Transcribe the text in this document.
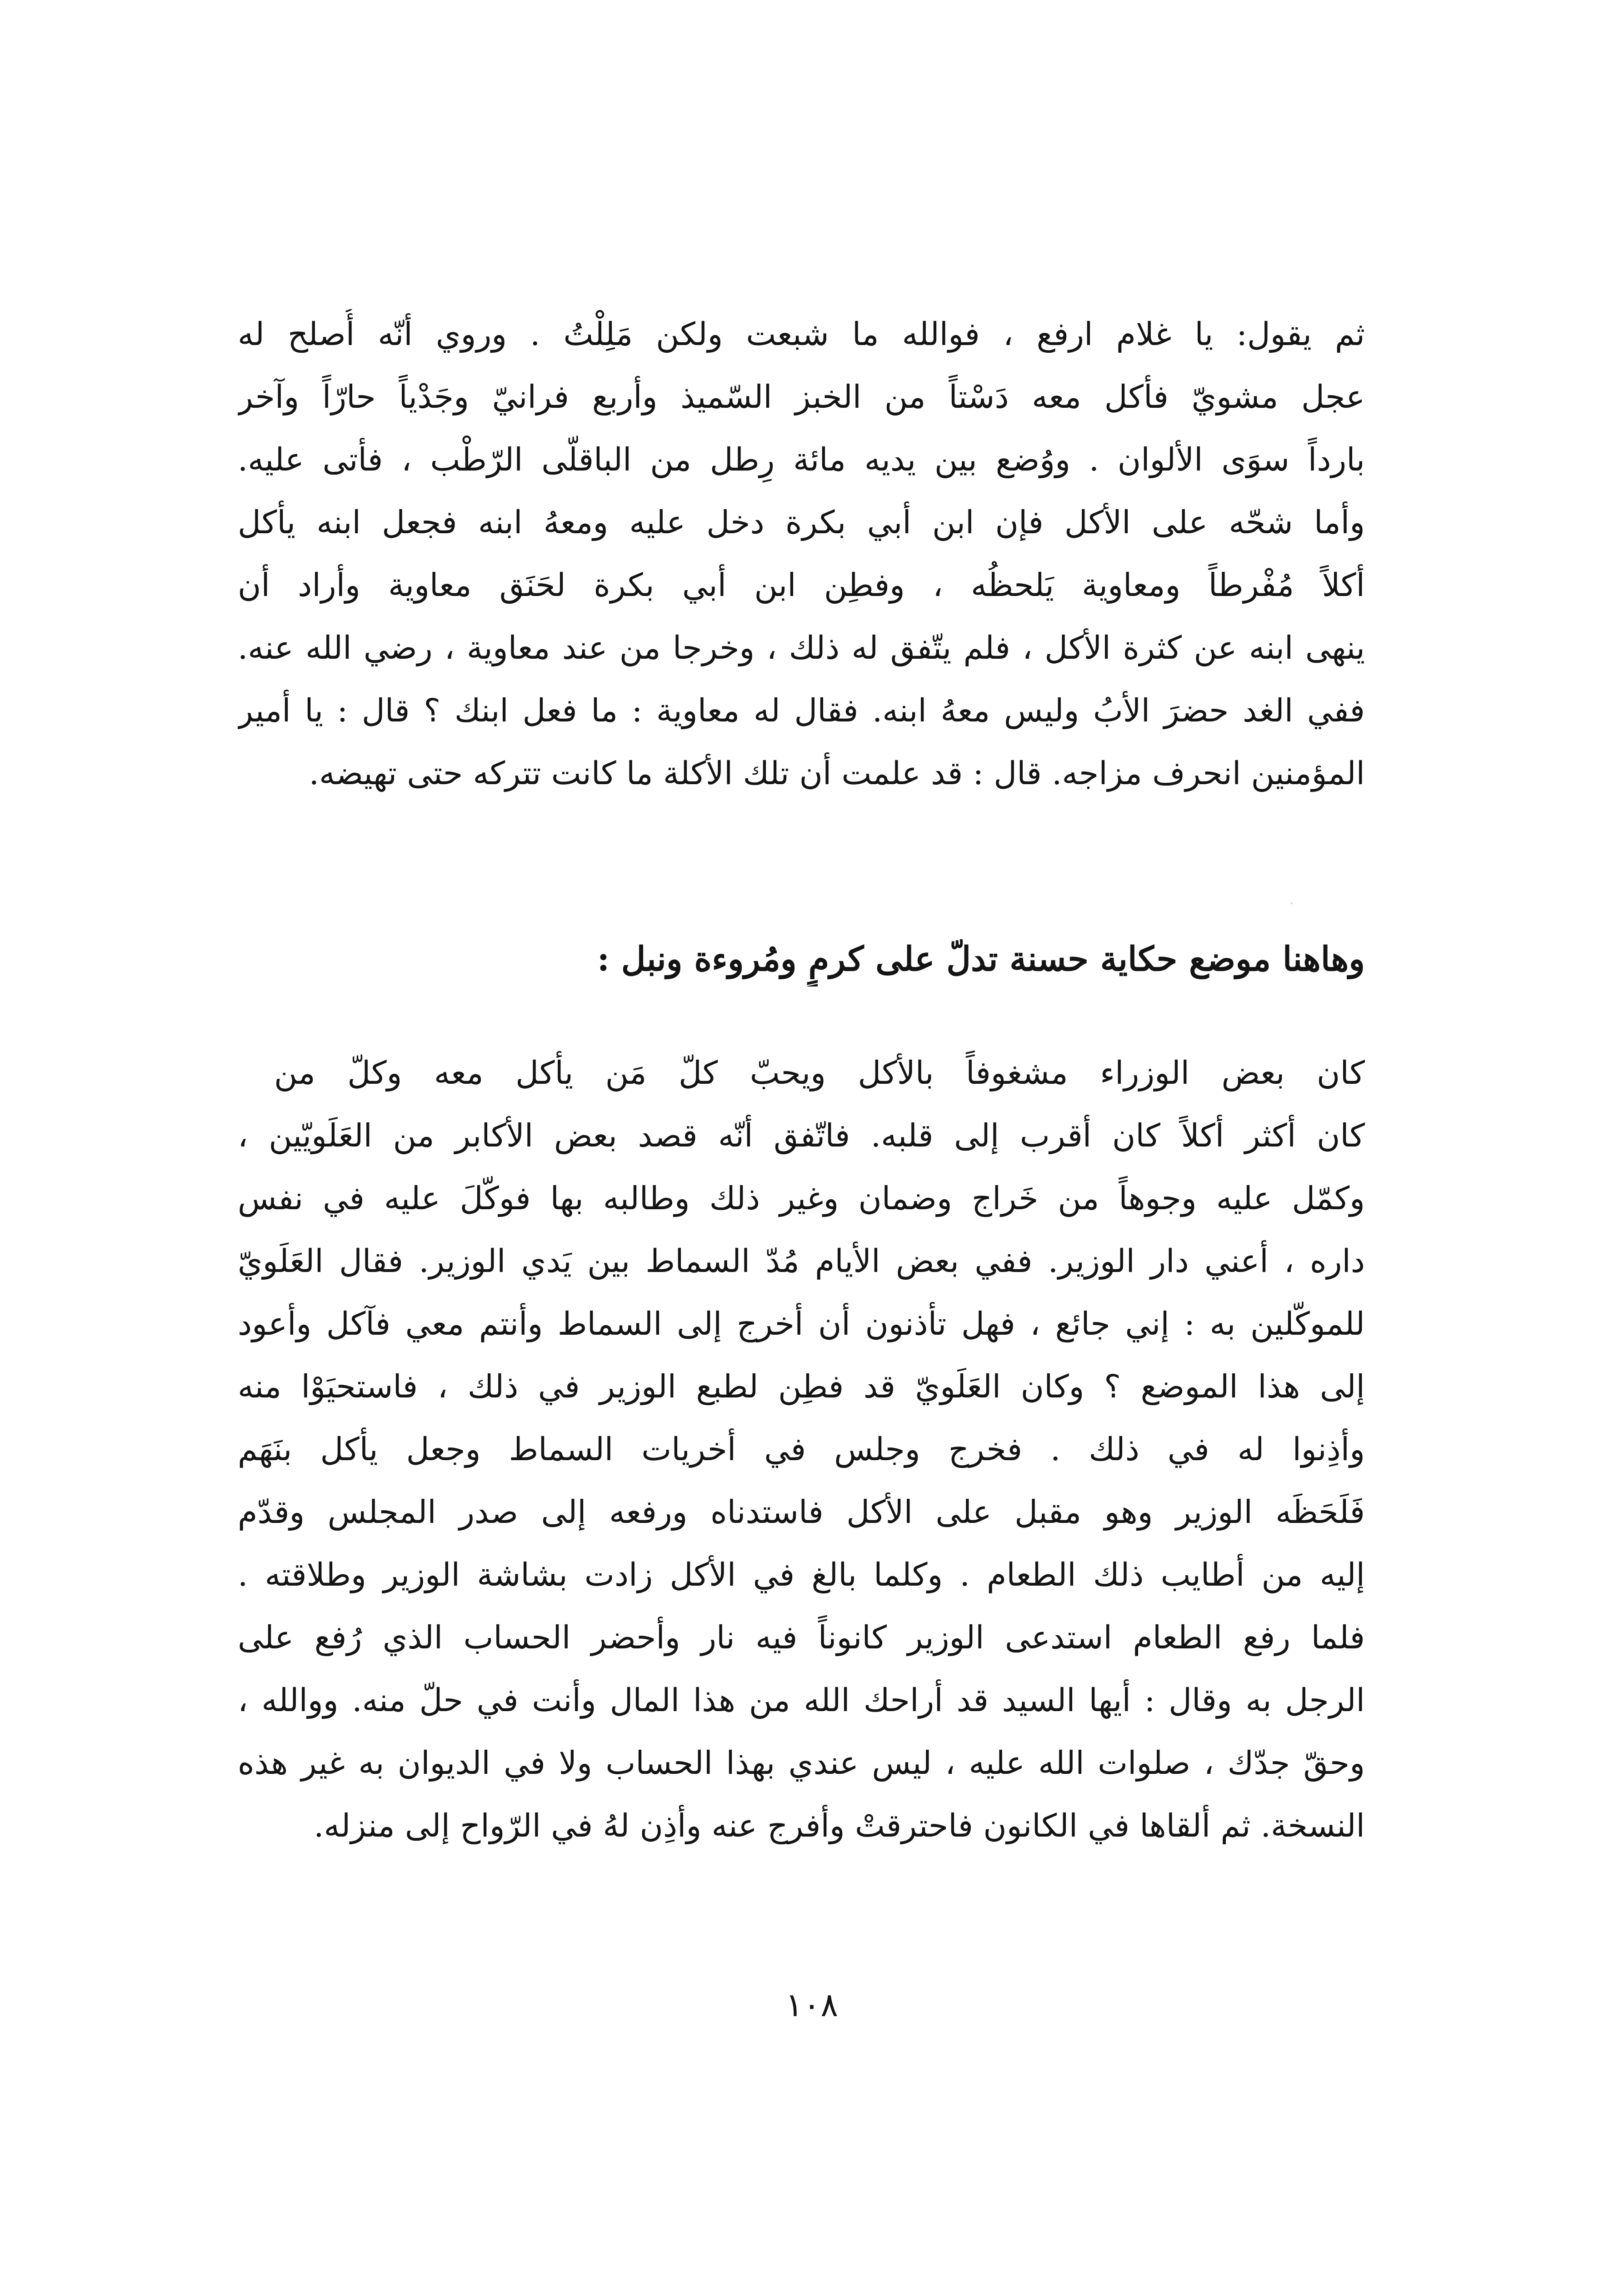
ثم يقول: يا غلام ارفع ، فوالله ما شبعت ولكن مَلِلْتُ . وروي أنّه أُصلح له
عجل مشويّ فأكل معه دَسْتاً من الخبز السّميذ وأربع فرانيّ وجَدْياً حارّاً وآخر
بارداً سوَى الألوان . ووُضع بين يديه مائة رِطل من الباقلّى الرّطْب ، فأتى عليه.
وأما شحّه على الأكل فإن ابن أبي بكرة دخل عليه ومعهُ ابنه فجعل ابنه يأكل
أكلاً مُفْرطاً ومعاوية يَلحظُه ، وفطِن ابن أبي بكرة لحَنَق معاوية وأراد أن
ينهى ابنه عن كثرة الأكل ، فلم يتّفق له ذلك ، وخرجا من عند معاوية ، رضي الله عنه.
ففي الغد حضرَ الأبُ وليس معهُ ابنه. فقال له معاوية : ما فعل ابنك ؟ قال : يا أمير
المؤمنين انحرف مزاجه. قال : قد علمت أن تلك الأكلة ما كانت تتركه حتى تهيضه.
وهاهنا موضع حكاية حسنة تدلّ على كرمٍ ومُروءة ونبل :
كان بعض الوزراء مشغوفاً بالأكل ويحبّ كلّ مَن يأكل معه وكلّ من
كان أكثر أكلاً كان أقرب إلى قلبه. فاتّفق أنّه قصد بعض الأكابر من العَلَويّين ،
وكمّل عليه وجوهاً من خَراج وضمان وغير ذلك وطالبه بها فوكّلَ عليه في نفس
داره ، أعني دار الوزير. ففي بعض الأيام مُدّ السماط بين يَدي الوزير. فقال العَلَويّ
للموكّلين به : إني جائع ، فهل تأذنون أن أخرج إلى السماط وأنتم معي فآكل وأعود
إلى هذا الموضع ؟ وكان العَلَويّ قد فطِن لطبع الوزير في ذلك ، فاستحيَوْا منه
وأذِنوا له في ذلك . فخرج وجلس في أخريات السماط وجعل يأكل بنَهَم
فَلَحَظَه الوزير وهو مقبل على الأكل فاستدناه ورفعه إلى صدر المجلس وقدّم
إليه من أطايب ذلك الطعام . وكلما بالغ في الأكل زادت بشاشة الوزير وطلاقته .
فلما رفع الطعام استدعى الوزير كانوناً فيه نار وأحضر الحساب الذي رُفع على
الرجل به وقال : أيها السيد قد أراحك الله من هذا المال وأنت في حلّ منه. ووالله ،
وحقّ جدّك ، صلوات الله عليه ، ليس عندي بهذا الحساب ولا في الديوان به غير هذه
النسخة. ثم ألقاها في الكانون فاحترقتْ وأفرج عنه وأذِن لهُ في الرّواح إلى منزله.
١٠٨
